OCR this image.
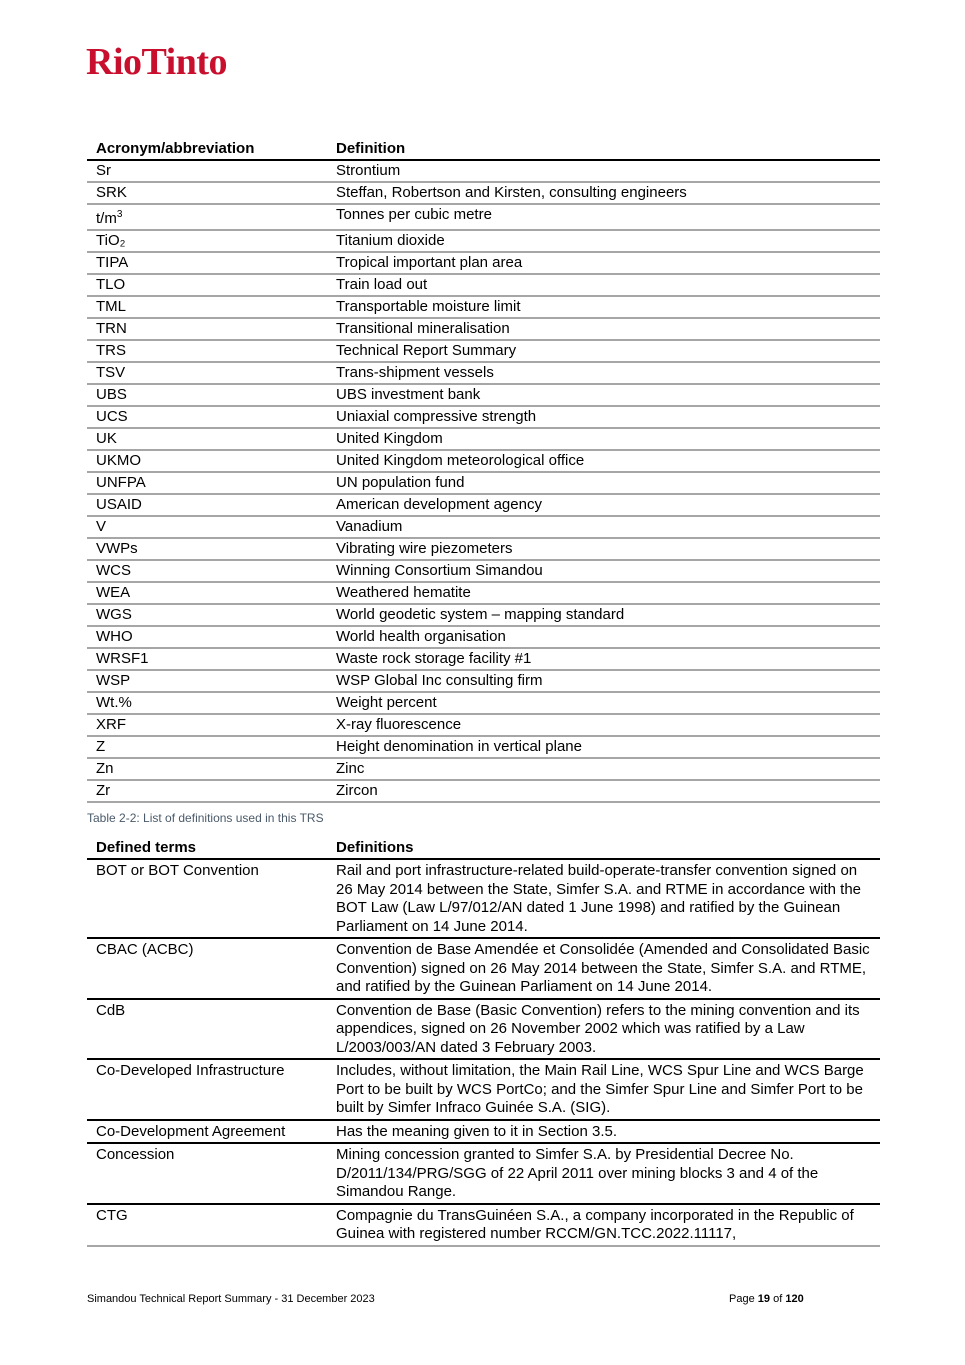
RioTinto
Acronym/abbreviation	Definition
Sr	Strontium
SRK	Steffan, Robertson and Kirsten, consulting engineers
$t/m^3$	Tonnes per cubic metre
TiO₂	Titanium dioxide
TIPA	Tropical important plan area
TLO	Train load out
TML	Transportable moisture limit
TRN	Transitional mineralisation
TRS	Technical Report Summary
TSV	Trans-shipment vessels
UBS	UBS investment bank
UCS	Uniaxial compressive strength
UK	United Kingdom
UKMO	United Kingdom meteorological office
UNFPA	UN population fund
USAID	American development agency
V	Vanadium
VWPs	Vibrating wire piezometers
WCS	Winning Consortium Simandou
WEA	Weathered hematite
WGS	World geodetic system – mapping standard
WHO	World health organisation
WRSF1	Waste rock storage facility #1
WSP	WSP Global Inc consulting firm
Wt.%	Weight percent
XRF	X-ray fluorescence
Z	Height denomination in vertical plane
Zn	Zinc
Zr	Zircon
Table 2-2: List of definitions used in this TRS
Defined terms	Definitions
BOT or BOT Convention	Rail and port infrastructure-related build-operate-transfer convention signed on 26 May 2014 between the State, Simfer S.A. and RTME in accordance with the BOT Law (Law L/97/012/AN dated 1 June 1998) and ratified by the Guinean Parliament on 14 June 2014.
CBAC (ACBC)	Convention de Base Amendée et Consolidée (Amended and Consolidated Basic Convention) signed on 26 May 2014 between the State, Simfer S.A. and RTME, and ratified by the Guinean Parliament on 14 June 2014.
CdB	Convention de Base (Basic Convention) refers to the mining convention and its appendices, signed on 26 November 2002 which was ratified by a Law L/2003/003/AN dated 3 February 2003.
Co-Developed Infrastructure	Includes, without limitation, the Main Rail Line, WCS Spur Line and WCS Barge Port to be built by WCS PortCo; and the Simfer Spur Line and Simfer Port to be built by Simfer Infraco Guinée S.A. (SIG).
Co-Development Agreement	Has the meaning given to it in Section 3.5.
Concession	Mining concession granted to Simfer S.A. by Presidential Decree No. D/2011/134/PRG/SGG of 22 April 2011 over mining blocks 3 and 4 of the Simandou Range.
CTG	Compagnie du TransGuinéen S.A., a company incorporated in the Republic of Guinea with registered number RCCM/GN.TCC.2022.11117,
Simandou Technical Report Summary - 31 December 2023	Page 19 of 120
